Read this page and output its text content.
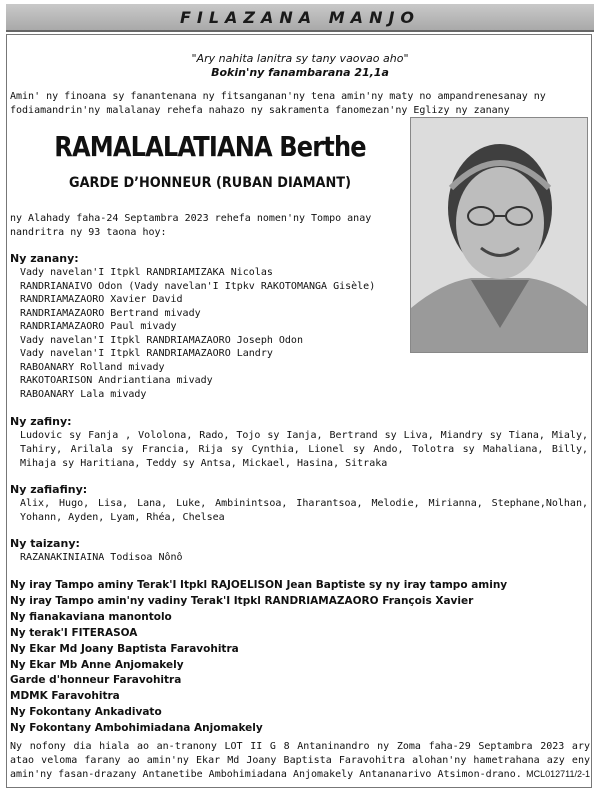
FILAZANA MANJO
"Ary nahita lanitra sy tany vaovao aho"
Bokin'ny fanambarana 21,1a
Amin' ny finoana sy fanantenana ny fitsanganan'ny tena amin'ny maty no ampandrenesanay ny fodiamandrin'ny malalanay rehefa nahazo ny sakramenta fanomezan'ny Eglizy ny zanany
RAMALALATIANA Berthe
GARDE D’HONNEUR (RUBAN DIAMANT)
ny Alahady faha-24 Septambra 2023 rehefa nomen'ny Tompo anay nandritra ny 93 taona hoy:
Ny zanany:
Vady navelan'I Itpkl RANDRIAMIZAKA Nicolas
RANDRIANAIVO Odon (Vady navelan'I Itpkv RAKOTOMANGA Gisèle)
RANDRIAMAZAORO Xavier David
RANDRIAMAZAORO Bertrand mivady
RANDRIAMAZAORO Paul mivady
Vady navelan'I Itpkl RANDRIAMAZAORO Joseph Odon
Vady navelan'I Itpkl RANDRIAMAZAORO Landry
RABOANARY Rolland mivady
RAKOTOARISON Andriantiana mivady
RABOANARY Lala mivady
Ny zafiny:
Ludovic sy Fanja , Vololona, Rado, Tojo sy Ianja, Bertrand sy Liva, Miandry sy Tiana, Mialy, Tahiry, Arilala sy Francia, Rija sy Cynthia, Lionel sy Ando, Tolotra sy Mahaliana, Billy, Mihaja sy Haritiana, Teddy sy Antsa, Mickael, Hasina, Sitraka
Ny zafiafiny:
Alix, Hugo, Lisa, Lana, Luke, Ambinintsoa, Iharantsoa, Melodie, Mirianna, Stephane,Nolhan, Yohann, Ayden, Lyam, Rhéa, Chelsea
Ny taizany:
RAZANAKINIAINA Todisoa Nônô
Ny iray Tampo aminy Terak'I Itpkl RAJOELISON Jean Baptiste sy ny iray tampo aminy
Ny iray Tampo amin'ny vadiny Terak'I Itpkl RANDRIAMAZAORO François Xavier
Ny fianakaviana manontolo
Ny terak'I FITERASOA
Ny Ekar Md Joany Baptista Faravohitra
Ny Ekar Mb Anne Anjomakely
Garde d'honneur Faravohitra
MDMK Faravohitra
Ny Fokontany Ankadivato
Ny Fokontany Ambohimiadana Anjomakely
Ny nofony dia hiala ao an-tranony LOT II G 8 Antaninandro ny Zoma faha-29 Septambra 2023 ary atao veloma farany ao amin'ny Ekar Md Joany Baptista Faravohitra alohan'ny hametrahana azy eny amin'ny fasan-drazany Antanetibe Ambohimiadana Anjomakely Antananarivo Atsimon-drano. MCL012711/2-1
